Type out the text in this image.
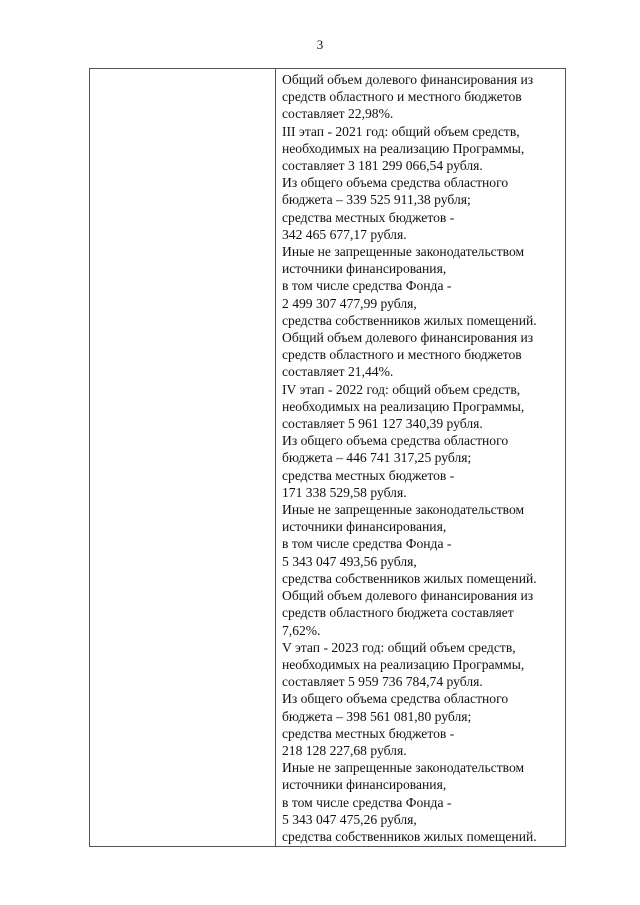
3
Общий объем долевого финансирования из
средств областного и местного бюджетов
составляет 22,98%.
III этап - 2021 год: общий объем средств,
необходимых на реализацию Программы,
составляет 3 181 299 066,54 рубля.
Из общего объема средства областного
бюджета – 339 525 911,38 рубля;
средства местных бюджетов -
342 465 677,17 рубля.
Иные не запрещенные законодательством
источники финансирования,
в том числе средства Фонда -
2 499 307 477,99 рубля,
средства собственников жилых помещений.
Общий объем долевого финансирования из
средств областного и местного бюджетов
составляет 21,44%.
IV этап - 2022 год: общий объем средств,
необходимых на реализацию Программы,
составляет 5 961 127 340,39 рубля.
Из общего объема средства областного
бюджета – 446 741 317,25 рубля;
средства местных бюджетов -
171 338 529,58 рубля.
Иные не запрещенные законодательством
источники финансирования,
в том числе средства Фонда -
5 343 047 493,56 рубля,
средства собственников жилых помещений.
Общий объем долевого финансирования из
средств областного бюджета составляет
7,62%.
V этап - 2023 год: общий объем средств,
необходимых на реализацию Программы,
составляет 5 959 736 784,74 рубля.
Из общего объема средства областного
бюджета – 398 561 081,80 рубля;
средства местных бюджетов -
218 128 227,68 рубля.
Иные не запрещенные законодательством
источники финансирования,
в том числе средства Фонда -
5 343 047 475,26 рубля,
средства собственников жилых помещений.
